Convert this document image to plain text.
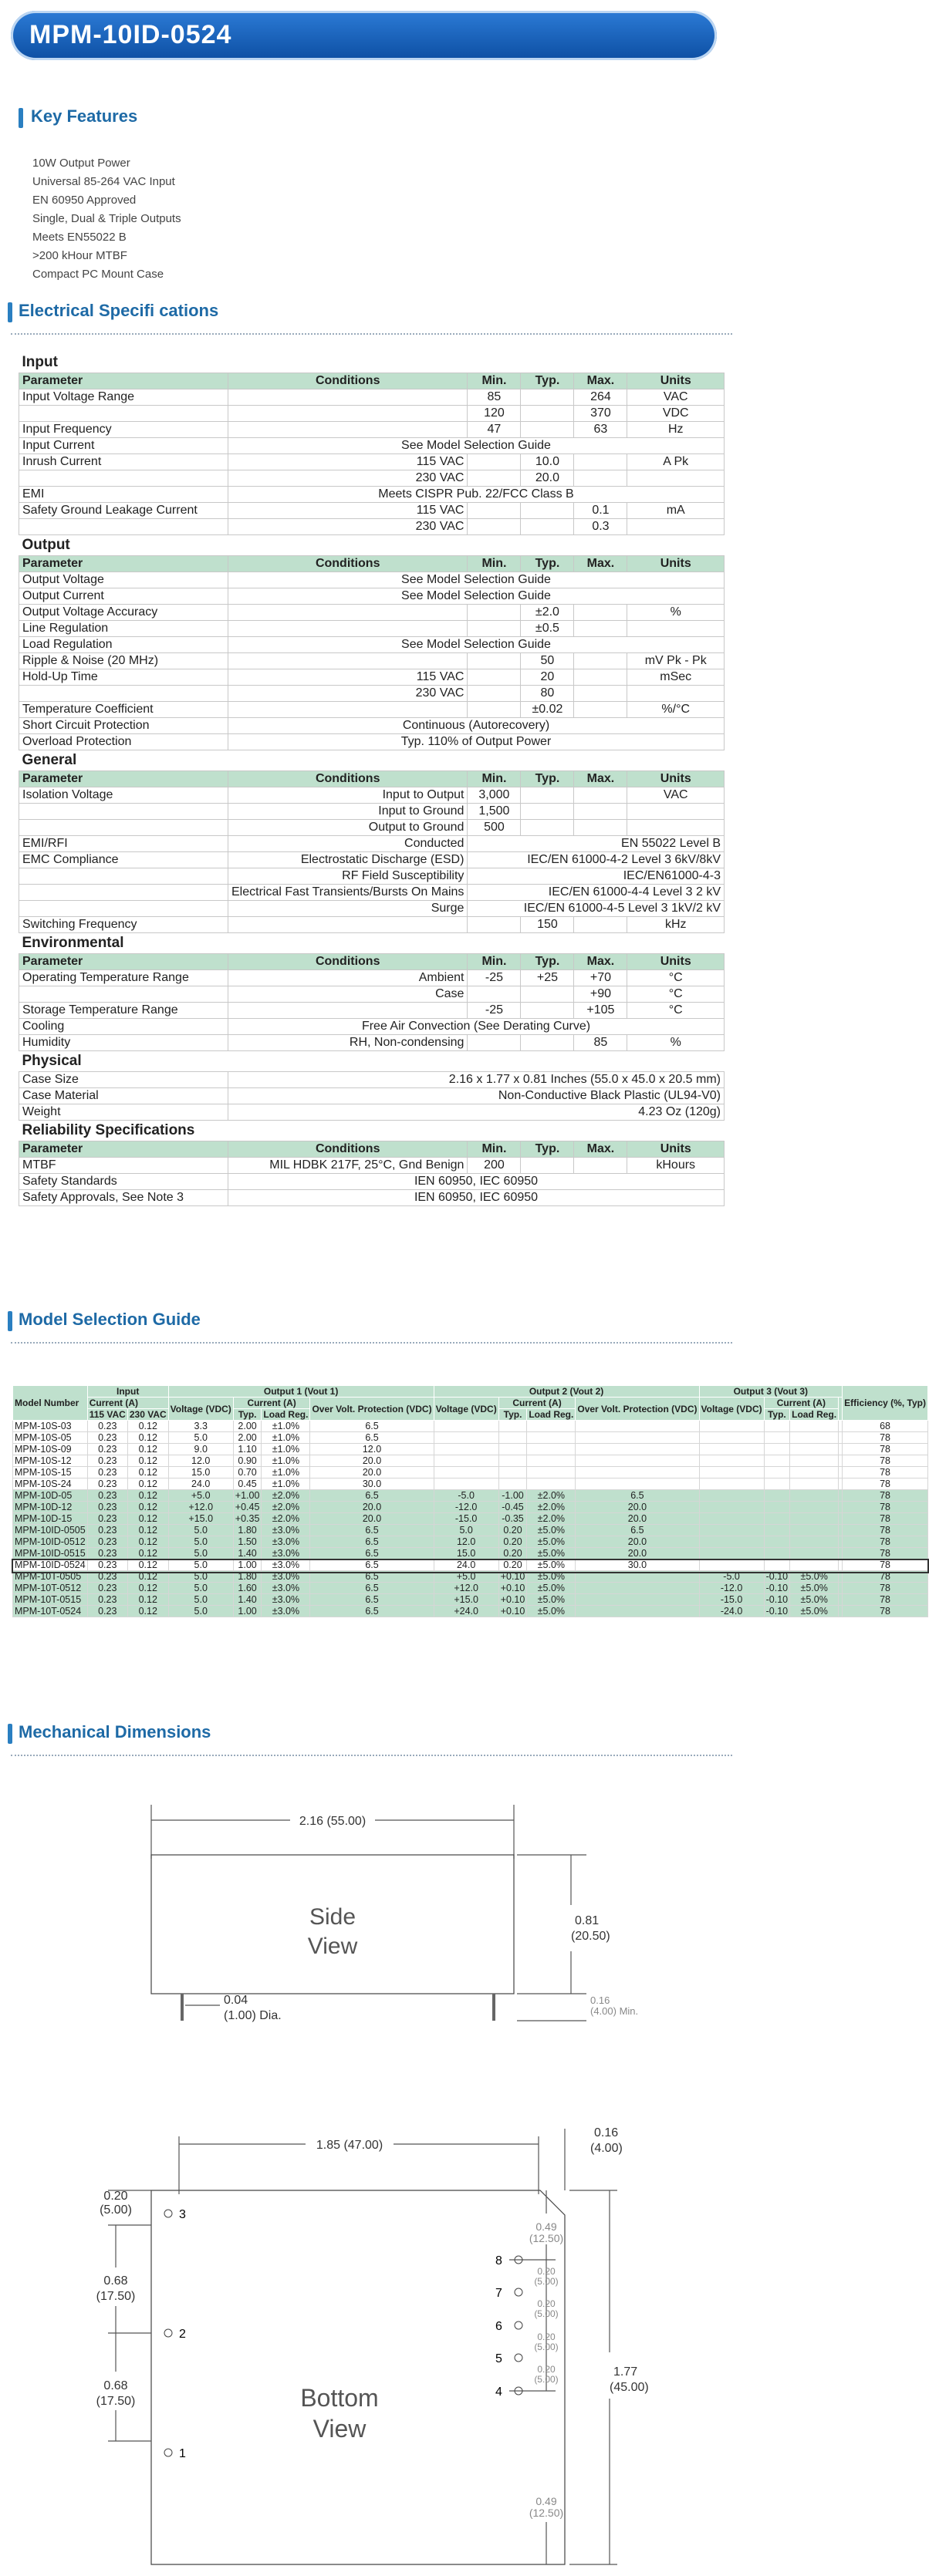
MPM-10ID-0524
Key Features
10W Output Power
Universal 85-264 VAC Input
EN 60950 Approved
Single, Dual & Triple Outputs
Meets EN55022 B
>200 kHour MTBF
Compact PC Mount Case
Electrical Specifi cations
Input					
Parameter	Conditions	Min.	Typ.	Max.	Units
Input Voltage Range		85		264	VAC
		120		370	VDC
Input Frequency		47		63	Hz
Input Current	See Model Selection Guide				
Inrush Current	115 VAC		10.0		A Pk
	230 VAC		20.0		
EMI	Meets CISPR Pub. 22/FCC Class B				
Safety Ground Leakage Current	115 VAC			0.1	mA
	230 VAC			0.3	
Output					
Parameter	Conditions	Min.	Typ.	Max.	Units
Output Voltage	See Model Selection Guide				
Output Current	See Model Selection Guide				
Output Voltage Accuracy			±2.0		%
Line Regulation			±0.5		
Load Regulation	See Model Selection Guide				
Ripple & Noise (20 MHz)			50		mV Pk - Pk
Hold-Up Time	115 VAC		20		mSec
	230 VAC		80		
Temperature Coefficient			±0.02		%/°C
Short Circuit Protection	Continuous (Autorecovery)				
Overload Protection	Typ. 110% of Output Power				
General					
Parameter	Conditions	Min.	Typ.	Max.	Units
Isolation Voltage	Input to Output	3,000			VAC
	Input to Ground	1,500			
	Output to Ground	500			
EMI/RFI	Conducted	EN 55022 Level B			
EMC Compliance	Electrostatic Discharge (ESD)	IEC/EN 61000-4-2 Level 3 6kV/8kV			
	RF Field Susceptibility	IEC/EN61000-4-3			
	Electrical Fast Transients/Bursts On Mains	IEC/EN 61000-4-4 Level 3 2 kV			
	Surge	IEC/EN 61000-4-5 Level 3 1kV/2 kV			
Switching Frequency			150		kHz
Environmental					
Parameter	Conditions	Min.	Typ.	Max.	Units
Operating Temperature Range	Ambient	-25	+25	+70	°C
	Case			+90	°C
Storage Temperature Range		-25		+105	°C
Cooling	Free Air Convection (See Derating Curve)				
Humidity	RH, Non-condensing			85	%
Physical					
Case Size	2.16 x 1.77 x 0.81 Inches (55.0 x 45.0 x 20.5 mm)				
Case Material	Non-Conductive Black Plastic (UL94-V0)				
Weight	4.23 Oz (120g)				
Reliability Specifications					
Parameter	Conditions	Min.	Typ.	Max.	Units
MTBF	MIL HDBK 217F, 25°C, Gnd Benign	200			kHours
Safety Standards	IEN 60950, IEC 60950				
Safety Approvals, See Note 3	IEN 60950, IEC 60950				
Model Selection Guide
Model Number	Input		Output 1 (Vout 1)				Output 2 (Vout 2)				Output 3 (Vout 3)				Efficiency (%, Typ)
	Current (A)		Voltage (VDC)	Current (A)		Over Volt. Protection (VDC)	Voltage (VDC)	Current (A)		Over Volt. Protection (VDC)	Voltage (VDC)	Current (A)			
	115 VAC	230 VAC		Typ.	Load Reg.			Typ.	Load Reg.			Typ.	Load Reg.		
MPM-10S-03	0.23	0.12	3.3	2.00	±1.0%	6.5									68
MPM-10S-05	0.23	0.12	5.0	2.00	±1.0%	6.5									78
MPM-10S-09	0.23	0.12	9.0	1.10	±1.0%	12.0									78
MPM-10S-12	0.23	0.12	12.0	0.90	±1.0%	20.0									78
MPM-10S-15	0.23	0.12	15.0	0.70	±1.0%	20.0									78
MPM-10S-24	0.23	0.12	24.0	0.45	±1.0%	30.0									78
MPM-10D-05	0.23	0.12	+5.0	+1.00	±2.0%	6.5	-5.0	-1.00	±2.0%	6.5					78
MPM-10D-12	0.23	0.12	+12.0	+0.45	±2.0%	20.0	-12.0	-0.45	±2.0%	20.0					78
MPM-10D-15	0.23	0.12	+15.0	+0.35	±2.0%	20.0	-15.0	-0.35	±2.0%	20.0					78
MPM-10ID-0505	0.23	0.12	5.0	1.80	±3.0%	6.5	5.0	0.20	±5.0%	6.5					78
MPM-10ID-0512	0.23	0.12	5.0	1.50	±3.0%	6.5	12.0	0.20	±5.0%	20.0					78
MPM-10ID-0515	0.23	0.12	5.0	1.40	±3.0%	6.5	15.0	0.20	±5.0%	20.0					78
MPM-10ID-0524	0.23	0.12	5.0	1.00	±3.0%	6.5	24.0	0.20	±5.0%	30.0					78
MPM-10T-0505	0.23	0.12	5.0	1.80	±3.0%	6.5	+5.0	+0.10	±5.0%		-5.0	-0.10	±5.0%		78
MPM-10T-0512	0.23	0.12	5.0	1.60	±3.0%	6.5	+12.0	+0.10	±5.0%		-12.0	-0.10	±5.0%		78
MPM-10T-0515	0.23	0.12	5.0	1.40	±3.0%	6.5	+15.0	+0.10	±5.0%		-15.0	-0.10	±5.0%		78
MPM-10T-0524	0.23	0.12	5.0	1.00	±3.0%	6.5	+24.0	+0.10	±5.0%		-24.0	-0.10	±5.0%		78
Mechanical Dimensions
2.16 (55.00)
Side
View
0.81
(20.50)
0.16
(4.00) Min.
0.04
(1.00) Dia.
1.85 (47.00)
0.16
(4.00)
0.20
(5.00)
0.68
(17.50)
0.68
(17.50)	Bottom
View
0.49
(12.50)
0.49
(12.50)
1.77
(45.00)
3
2
1
8
7
6
5
4
0.20
(5.00)
0.20
(5.00)
0.20
(5.00)
0.20
(5.00)
